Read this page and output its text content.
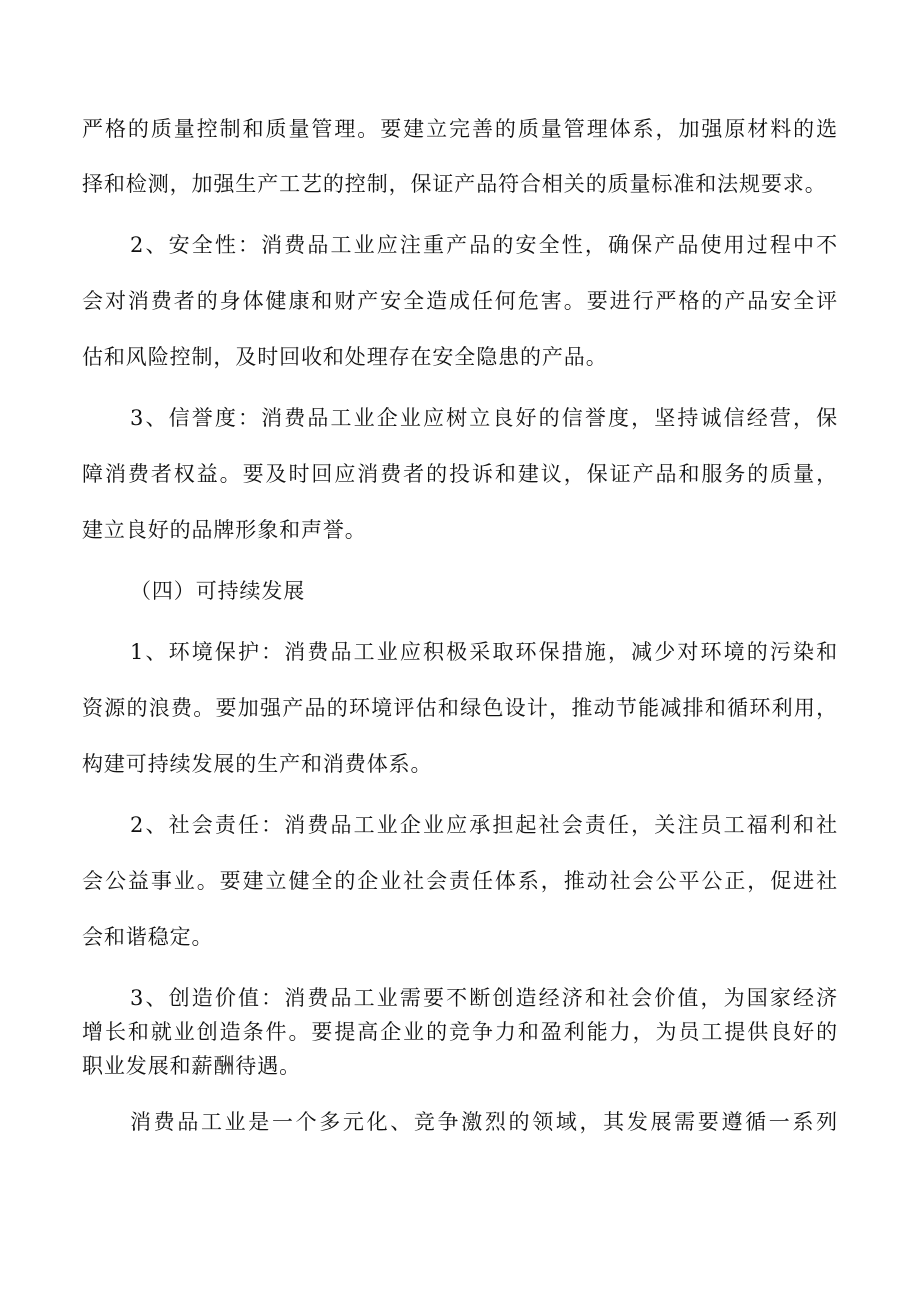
严格的质量控制和质量管理。要建立完善的质量管理体系，加强原材料的选

择和检测，加强生产工艺的控制，保证产品符合相关的质量标准和法规要求。

2、安全性：消费品工业应注重产品的安全性，确保产品使用过程中不

会对消费者的身体健康和财产安全造成任何危害。要进行严格的产品安全评

估和风险控制，及时回收和处理存在安全隐患的产品。

3、信誉度：消费品工业企业应树立良好的信誉度，坚持诚信经营，保

障消费者权益。要及时回应消费者的投诉和建议，保证产品和服务的质量，

建立良好的品牌形象和声誉。

（四）可持续发展

1、环境保护：消费品工业应积极采取环保措施，减少对环境的污染和

资源的浪费。要加强产品的环境评估和绿色设计，推动节能减排和循环利用，

构建可持续发展的生产和消费体系。

2、社会责任：消费品工业企业应承担起社会责任，关注员工福利和社

会公益事业。要建立健全的企业社会责任体系，推动社会公平公正，促进社

会和谐稳定。

3、创造价值：消费品工业需要不断创造经济和社会价值，为国家经济

增长和就业创造条件。要提高企业的竞争力和盈利能力，为员工提供良好的

职业发展和薪酬待遇。

消费品工业是一个多元化、竞争激烈的领域，其发展需要遵循一系列
